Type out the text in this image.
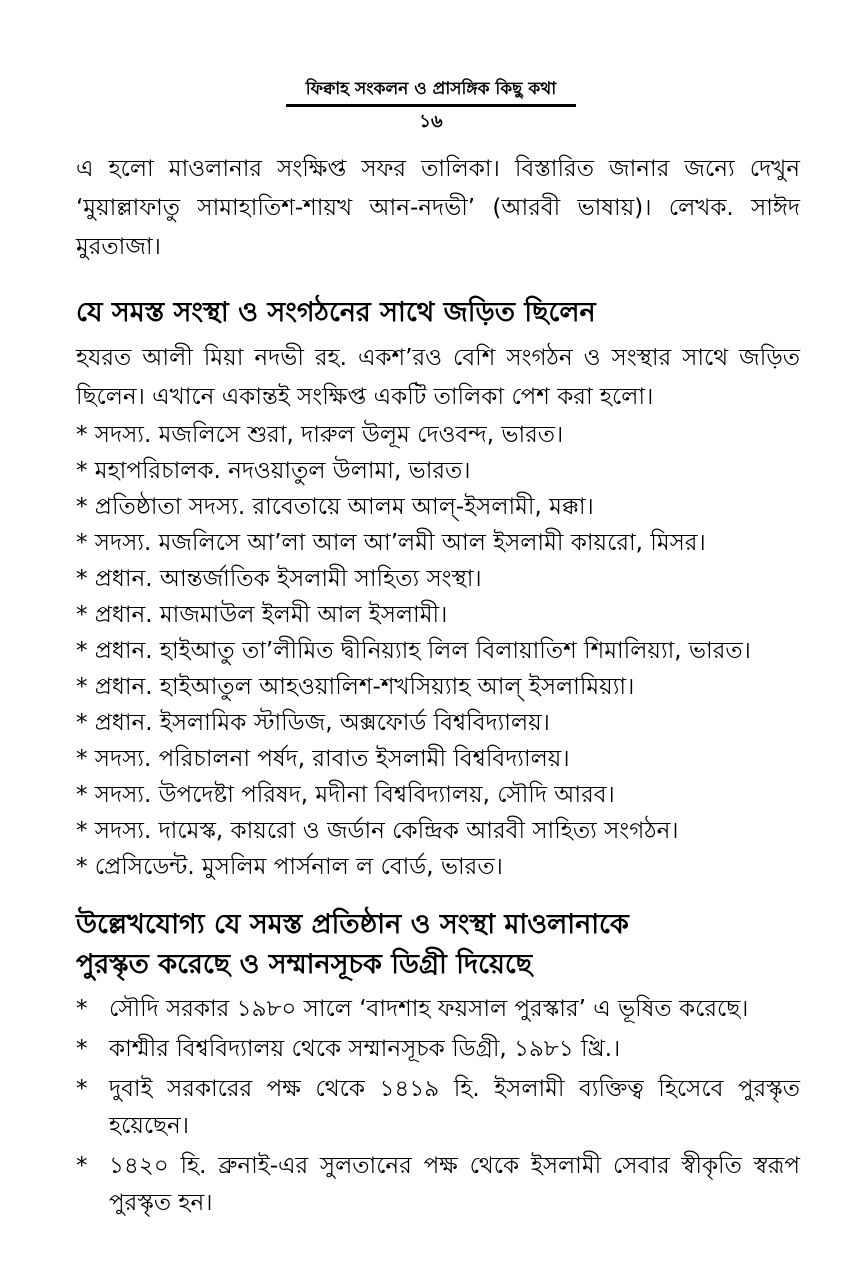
ফিক্বাহ সংকলন ও প্রাসঙ্গিক কিছু কথা
১৬

এ হলো মাওলানার সংক্ষিপ্ত সফর তালিকা। বিস্তারিত জানার জন্যে দেখুন ‘মুয়াল্লাফাতু সামাহাতিশ-শায়খ আন-নদভী’ (আরবী ভাষায়)। লেখক. সাঈদ মুরতাজা।

যে সমস্ত সংস্থা ও সংগঠনের সাথে জড়িত ছিলেন

হযরত আলী মিয়া নদভী রহ. একশ’রও বেশি সংগঠন ও সংস্থার সাথে জড়িত ছিলেন। এখানে একান্তই সংক্ষিপ্ত একটি তালিকা পেশ করা হলো।

* সদস্য. মজলিসে শুরা, দারুল উলূম দেওবন্দ, ভারত।
* মহাপরিচালক. নদওয়াতুল উলামা, ভারত।
* প্রতিষ্ঠাতা সদস্য. রাবেতায়ে আলম আল্-ইসলামী, মক্কা।
* সদস্য. মজলিসে আ’লা আল আ’লমী আল ইসলামী কায়রো, মিসর।
* প্রধান. আন্তর্জাতিক ইসলামী সাহিত্য সংস্থা।
* প্রধান. মাজমাউল ইলমী আল ইসলামী।
* প্রধান. হাইআতু তা’লীমিত দ্বীনিয়্যাহ লিল বিলায়াতিশ শিমালিয়্যা, ভারত।
* প্রধান. হাইআতুল আহওয়ালিশ-শখসিয়্যাহ আল্ ইসলামিয়্যা।
* প্রধান. ইসলামিক স্টাডিজ, অক্সফোর্ড বিশ্ববিদ্যালয়।
* সদস্য. পরিচালনা পর্ষদ, রাবাত ইসলামী বিশ্ববিদ্যালয়।
* সদস্য. উপদেষ্টা পরিষদ, মদীনা বিশ্ববিদ্যালয়, সৌদি আরব।
* সদস্য. দামেস্ক, কায়রো ও জর্ডান কেন্দ্রিক আরবী সাহিত্য সংগঠন।
* প্রেসিডেন্ট. মুসলিম পার্সনাল ল বোর্ড, ভারত।
উল্লেখযোগ্য যে সমস্ত প্রতিষ্ঠান ও সংস্থা মাওলানাকে
পুরস্কৃত করেছে ও সম্মানসূচক ডিগ্রী দিয়েছে
* সৌদি সরকার ১৯৮০ সালে ‘বাদশাহ ফয়সাল পুরস্কার’ এ ভূষিত করেছে।
* কাশ্মীর বিশ্ববিদ্যালয় থেকে সম্মানসূচক ডিগ্রী, ১৯৮১ খ্রি.।
* দুবাই সরকারের পক্ষ থেকে ১৪১৯ হি. ইসলামী ব্যক্তিত্ব হিসেবে পুরস্কৃত হয়েছেন।
* ১৪২০ হি. ব্রুনাই-এর সুলতানের পক্ষ থেকে ইসলামী সেবার স্বীকৃতি স্বরূপ পুরস্কৃত হন।
